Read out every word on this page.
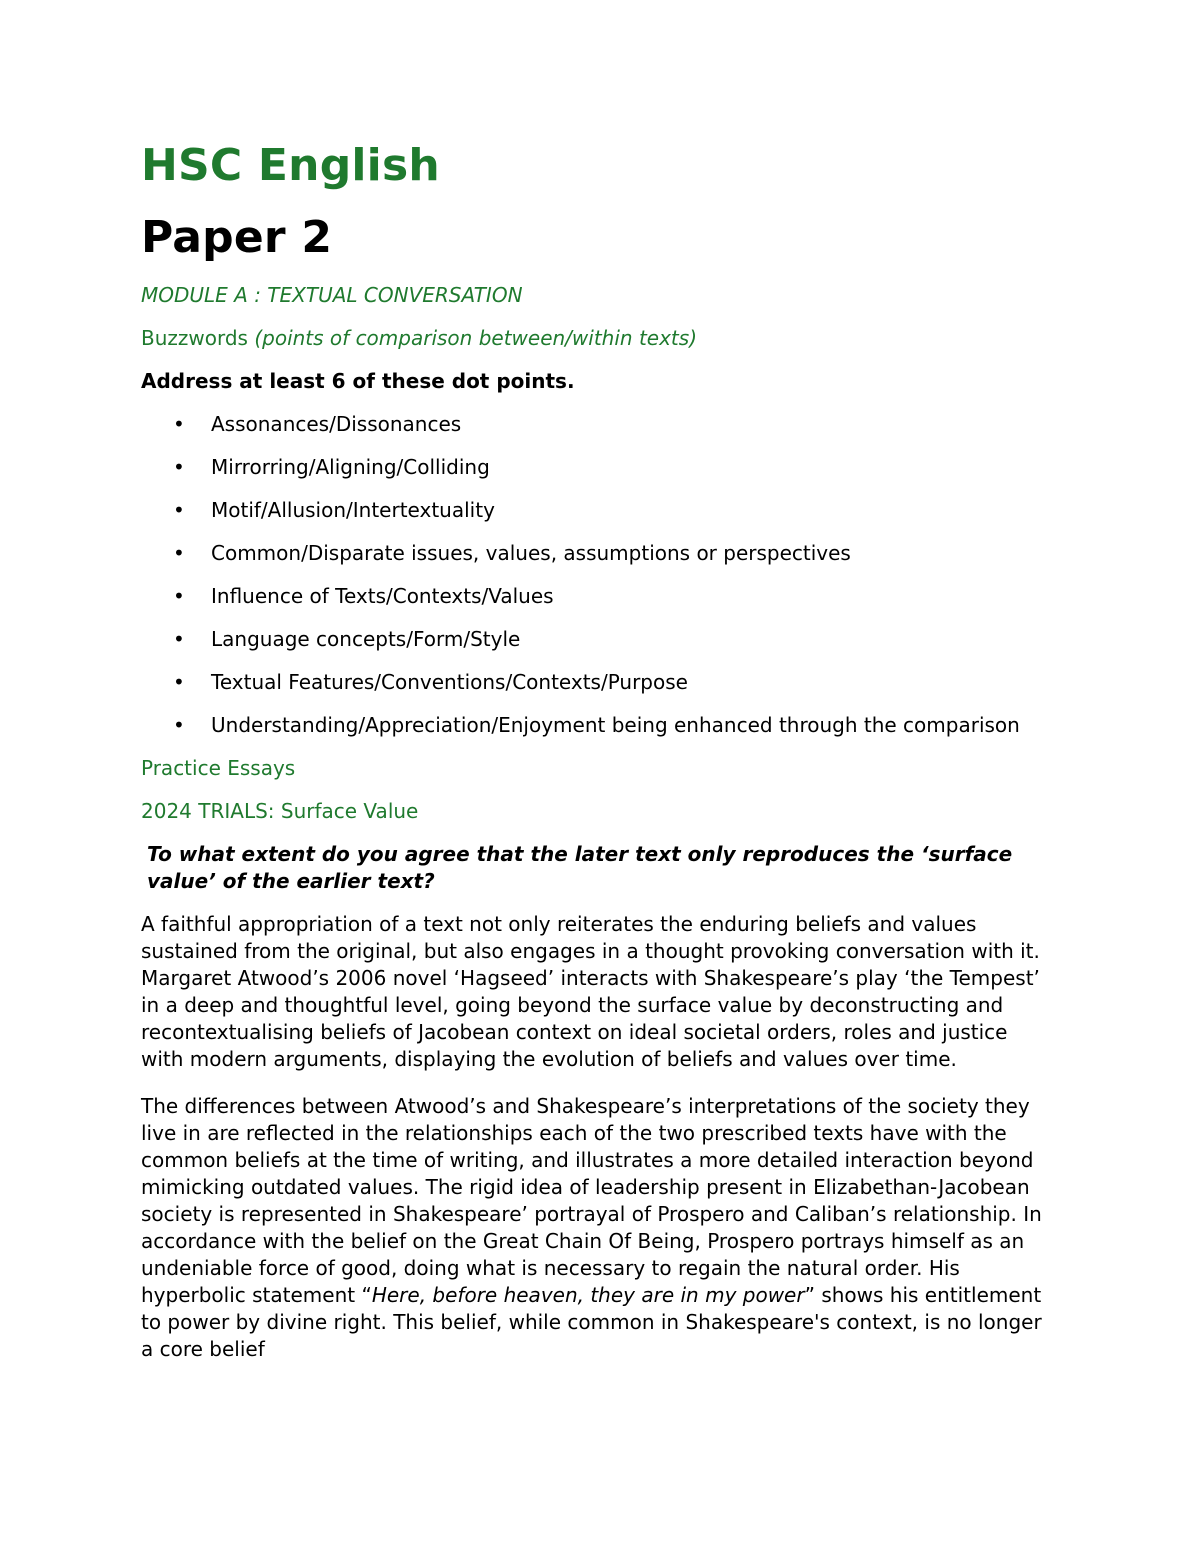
HSC English
Paper 2
MODULE A : TEXTUAL CONVERSATION
Buzzwords (points of comparison between/within texts)
Address at least 6 of these dot points.
• Assonances/Dissonances
• Mirrorring/Aligning/Colliding
• Motif/Allusion/Intertextuality
• Common/Disparate issues, values, assumptions or perspectives
• Influence of Texts/Contexts/Values
• Language concepts/Form/Style
• Textual Features/Conventions/Contexts/Purpose
• Understanding/Appreciation/Enjoyment being enhanced through the comparison
Practice Essays
2024 TRIALS: Surface Value
To what extent do you agree that the later text only reproduces the ‘surface value’ of the earlier text?

A faithful appropriation of a text not only reiterates the enduring beliefs and values sustained from the original, but also engages in a thought provoking conversation with it. Margaret Atwood’s 2006 novel ‘Hagseed’ interacts with Shakespeare’s play ‘the Tempest’ in a deep and thoughtful level, going beyond the surface value by deconstructing and recontextualising beliefs of Jacobean context on ideal societal orders, roles and justice with modern arguments, displaying the evolution of beliefs and values over time.

The differences between Atwood’s and Shakespeare’s interpretations of the society they live in are reflected in the relationships each of the two prescribed texts have with the common beliefs at the time of writing, and illustrates a more detailed interaction beyond mimicking outdated values. The rigid idea of leadership present in Elizabethan-Jacobean society is represented in Shakespeare’ portrayal of Prospero and Caliban’s relationship. In accordance with the belief on the Great Chain Of Being, Prospero portrays himself as an undeniable force of good, doing what is necessary to regain the natural order. His hyperbolic statement “Here, before heaven, they are in my power” shows his entitlement to power by divine right. This belief, while common in Shakespeare's context, is no longer a core belief
